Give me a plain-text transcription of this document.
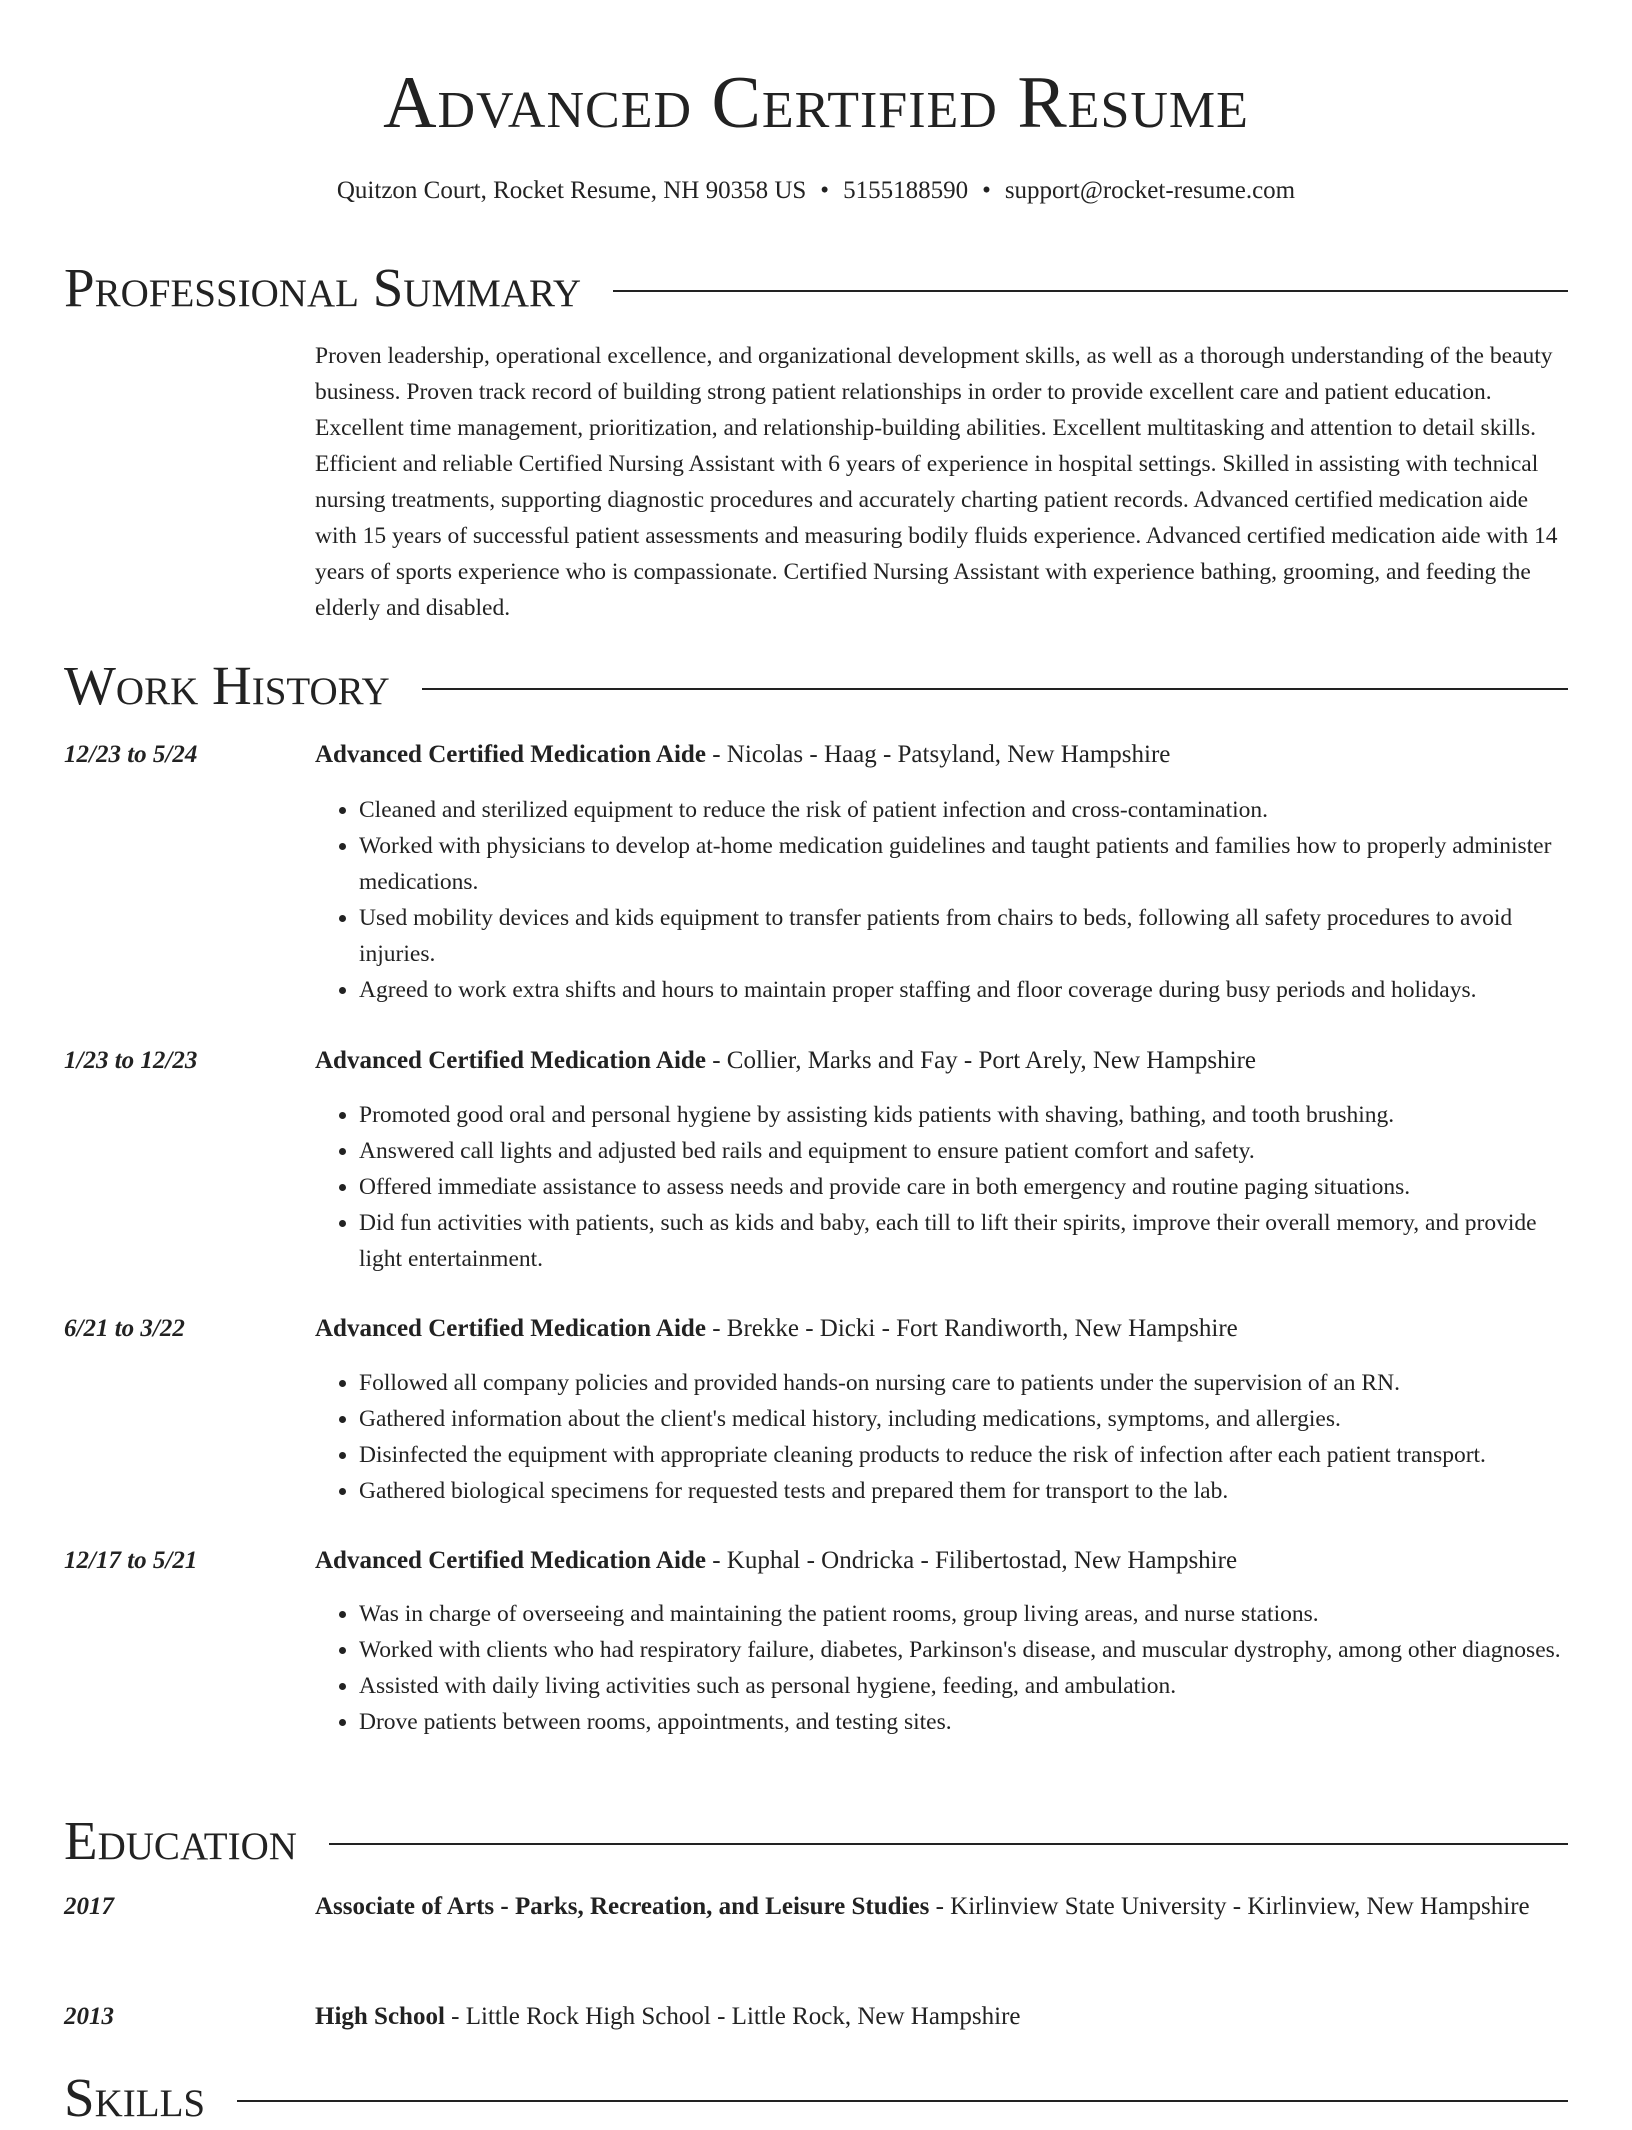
Advanced Certified Resume
Quitzon Court, Rocket Resume, NH 90358 US • 5155188590 • support@rocket-resume.com
Professional Summary
Proven leadership, operational excellence, and organizational development skills, as well as a thorough understanding of the beauty business. Proven track record of building strong patient relationships in order to provide excellent care and patient education. Excellent time management, prioritization, and relationship-building abilities. Excellent multitasking and attention to detail skills. Efficient and reliable Certified Nursing Assistant with 6 years of experience in hospital settings. Skilled in assisting with technical nursing treatments, supporting diagnostic procedures and accurately charting patient records. Advanced certified medication aide with 15 years of successful patient assessments and measuring bodily fluids experience. Advanced certified medication aide with 14 years of sports experience who is compassionate. Certified Nursing Assistant with experience bathing, grooming, and feeding the elderly and disabled.
Work History
12/23 to 5/24	Advanced Certified Medication Aide - Nicolas - Haag - Patsyland, New Hampshire
• Cleaned and sterilized equipment to reduce the risk of patient infection and cross-contamination.
• Worked with physicians to develop at-home medication guidelines and taught patients and families how to properly administer medications.
• Used mobility devices and kids equipment to transfer patients from chairs to beds, following all safety procedures to avoid injuries.
• Agreed to work extra shifts and hours to maintain proper staffing and floor coverage during busy periods and holidays.
1/23 to 12/23	Advanced Certified Medication Aide - Collier, Marks and Fay - Port Arely, New Hampshire
• Promoted good oral and personal hygiene by assisting kids patients with shaving, bathing, and tooth brushing.
• Answered call lights and adjusted bed rails and equipment to ensure patient comfort and safety.
• Offered immediate assistance to assess needs and provide care in both emergency and routine paging situations.
• Did fun activities with patients, such as kids and baby, each till to lift their spirits, improve their overall memory, and provide light entertainment.
6/21 to 3/22	Advanced Certified Medication Aide - Brekke - Dicki - Fort Randiworth, New Hampshire
• Followed all company policies and provided hands-on nursing care to patients under the supervision of an RN.
• Gathered information about the client's medical history, including medications, symptoms, and allergies.
• Disinfected the equipment with appropriate cleaning products to reduce the risk of infection after each patient transport.
• Gathered biological specimens for requested tests and prepared them for transport to the lab.
12/17 to 5/21	Advanced Certified Medication Aide - Kuphal - Ondricka - Filibertostad, New Hampshire
• Was in charge of overseeing and maintaining the patient rooms, group living areas, and nurse stations.
• Worked with clients who had respiratory failure, diabetes, Parkinson's disease, and muscular dystrophy, among other diagnoses.
• Assisted with daily living activities such as personal hygiene, feeding, and ambulation.
• Drove patients between rooms, appointments, and testing sites.
Education
2017	Associate of Arts - Parks, Recreation, and Leisure Studies - Kirlinview State University - Kirlinview, New Hampshire
2013	High School - Little Rock High School - Little Rock, New Hampshire
Skills
